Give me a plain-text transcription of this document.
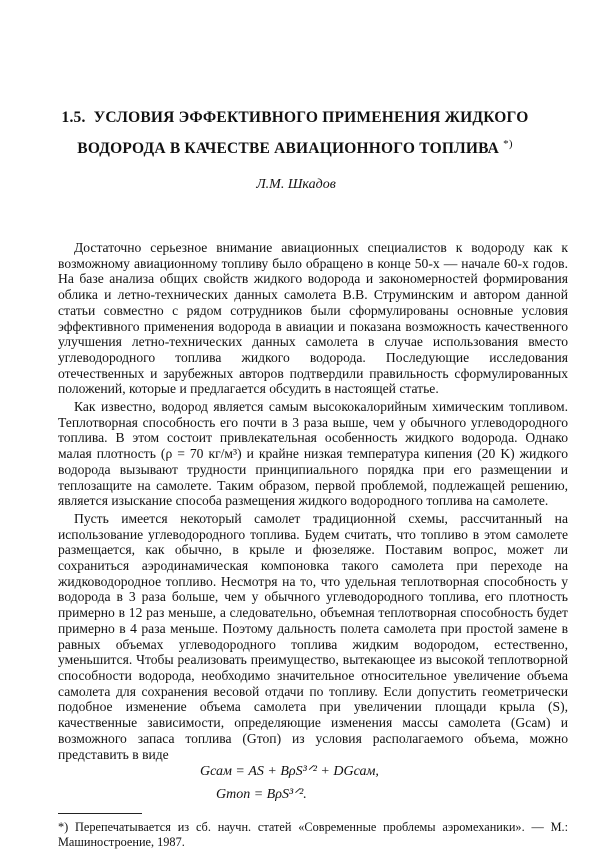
1.5. УСЛОВИЯ ЭФФЕКТИВНОГО ПРИМЕНЕНИЯ ЖИДКОГО
ВОДОРОДА В КАЧЕСТВЕ АВИАЦИОННОГО ТОПЛИВА *)
Л.М. Шкадов

Достаточно серьезное внимание авиационных специалистов к водороду как к возможному авиационному топливу было обращено в конце 50-х — начале 60-х годов. На базе анализа общих свойств жидкого водорода и закономерностей формирования облика и летно-технических данных самолета В.В. Струминским и автором данной статьи совместно с рядом сотрудников были сформулированы основные условия эффективного применения водорода в авиации и показана возможность качественного улучшения летно-технических данных самолета в случае использования вместо углеводородного топлива жидкого водорода. Последующие исследования отечественных и зарубежных авторов подтвердили правильность сформулированных положений, которые и предлагается обсудить в настоящей статье.

Как известно, водород является самым высококалорийным химическим топливом. Теплотворная способность его почти в 3 раза выше, чем у обычного углеводородного топлива. В этом состоит привлекательная особенность жидкого водорода. Однако малая плотность (ρ = 70 кг/м³) и крайне низкая температура кипения (20 K) жидкого водорода вызывают трудности принципиального порядка при его размещении и теплозащите на самолете. Таким образом, первой проблемой, подлежащей решению, является изыскание способа размещения жидкого водородного топлива на самолете.

Пусть имеется некоторый самолет традиционной схемы, рассчитанный на использование углеводородного топлива. Будем считать, что топливо в этом самолете размещается, как обычно, в крыле и фюзеляже. Поставим вопрос, может ли сохраниться аэродинамическая компоновка такого самолета при переходе на жидководородное топливо. Несмотря на то, что удельная теплотворная способность у водорода в 3 раза больше, чем у обычного углеводородного топлива, его плотность примерно в 12 раз меньше, а следовательно, объемная теплотворная способность будет примерно в 4 раза меньше. Поэтому дальность полета самолета при простой замене в равных объемах углеводородного топлива жидким водородом, естественно, уменьшится. Чтобы реализовать преимущество, вытекающее из высокой теплотворной способности водорода, необходимо значительное относительное увеличение объема самолета для сохранения весовой отдачи по топливу. Если допустить геометрически подобное изменение объема самолета при увеличении площади крыла (S), качественные зависимости, определяющие изменения массы самолета (Gсам) и возможного запаса топлива (Gтоп) из условия располагаемого объема, можно представить в виде

Gсам = AS + BρS³ᐟ² + DGсам,
Gтоп = BρS³ᐟ².
*) Перепечатывается из сб. научн. статей «Современные проблемы аэромеханики». — М.: Машиностроение, 1987.
